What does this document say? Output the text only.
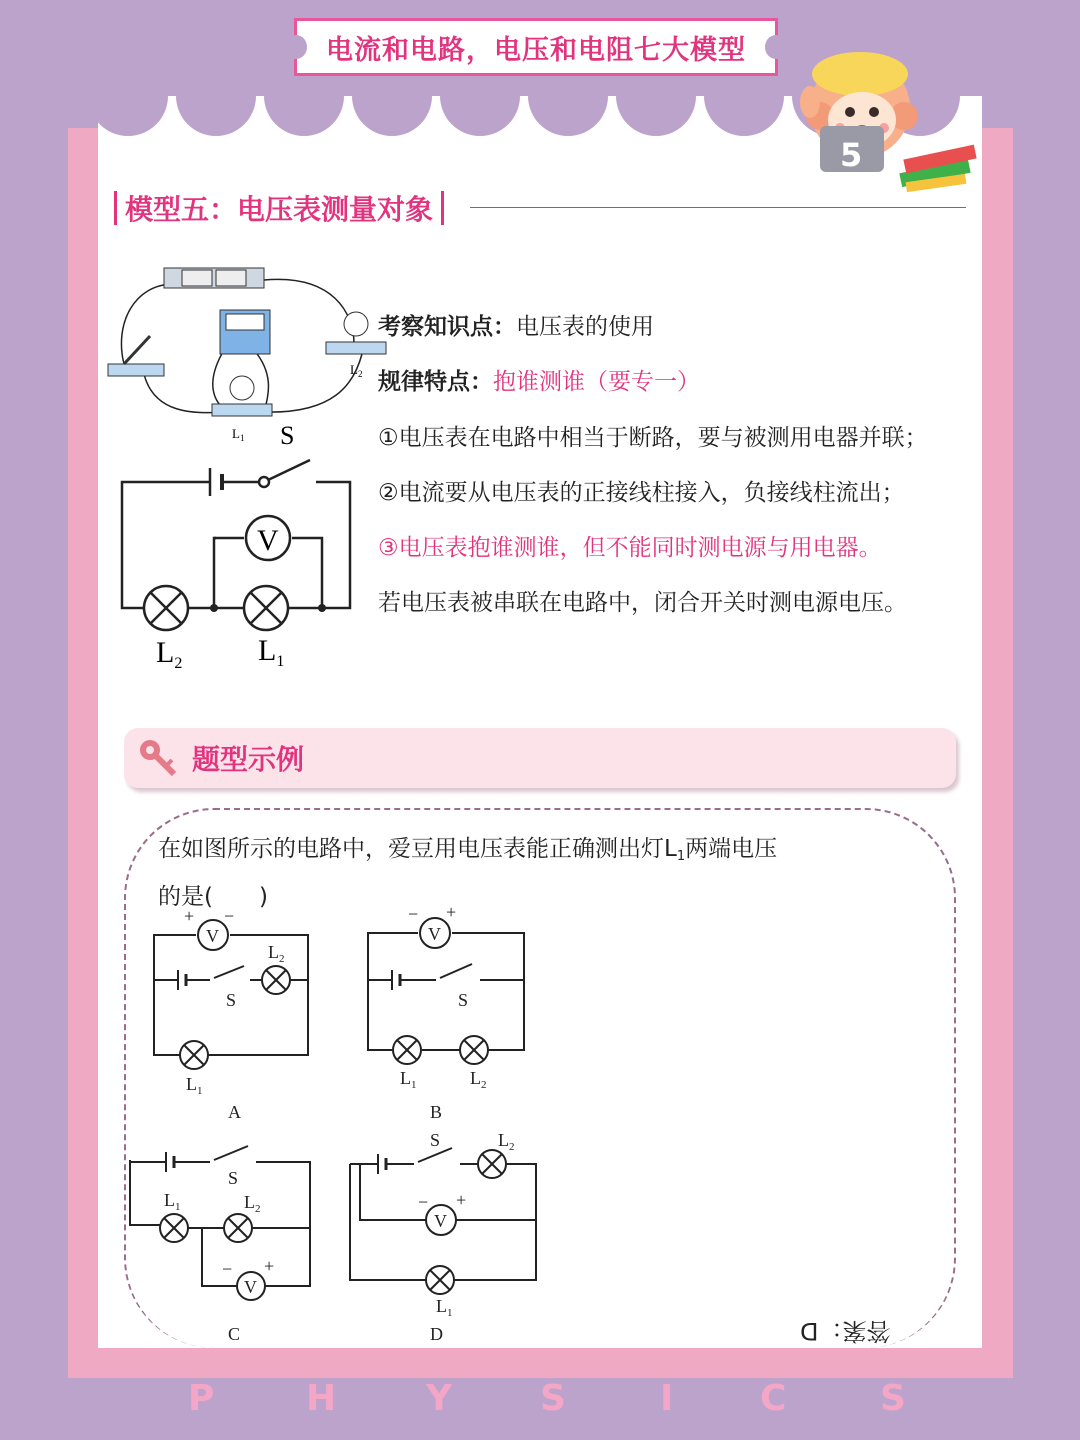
电流和电路，电压和电阻七大模型
5
模型五：电压表测量对象
$L_1$
$L_2$
S
V
$L_2$	$L_1$
考察知识点：电压表的使用
规律特点：抱谁测谁（要专一）
①电压表在电路中相当于断路，要与被测用电器并联；
②电流要从电压表的正接线柱接入，负接线柱流出；
③电压表抱谁测谁，但不能同时测电源与用电器。
若电压表被串联在电路中，闭合开关时测电源电压。
题型示例
在如图所示的电路中，爱豆用电压表能正确测出灯$L_1$两端电压
的是(　　)
V	V
V
V
+ −	− +
− +
− +
S	S
S
S
$L_2$
$L_1$
$L_1$	$L_2$
$L_1$	$L_2$
$L_2$
$L_1$
A	B
C	D	答案：D
P	H Y S	I C	S
